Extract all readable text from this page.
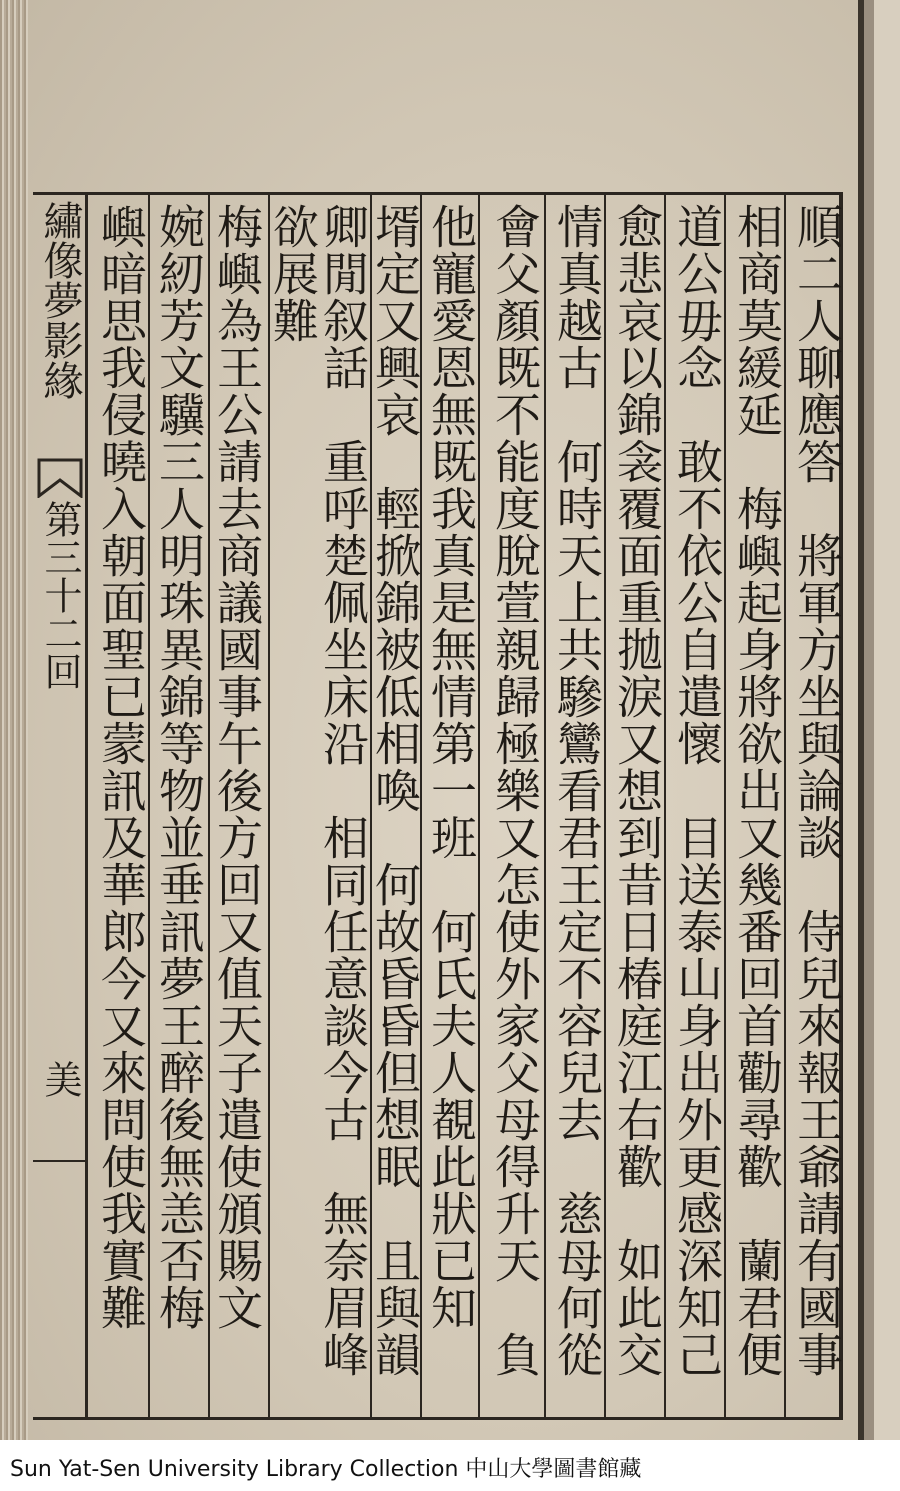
繡像夢影緣
第三十二回
美	順二人聊應答　將軍方坐與論談　侍兒來報王爺請有國事
相商莫緩延　梅嶼起身將欲出又幾番回首勸尋歡　蘭君便
道公毋念　敢不依公自遣懷　目送泰山身出外更感深知己
愈悲哀以錦衾覆面重拋淚又想到昔日椿庭江右歡　如此交
情真越古　何時天上共驂鸞看君王定不容兒去　慈母何從
會父顏既不能度脫萱親歸極樂又怎使外家父母得升天　負
他寵愛恩無既我真是無情第一班　何氏夫人覩此狀已知
壻定又興哀　輕掀錦被低相喚　何故昏昏但想眠　且與韻
卿閒叙話　重呼楚佩坐床沿　相同任意談今古　無奈眉峰
欲展難
梅嶼為王公請去商議國事午後方回又值天子遣使頒賜文
婉紉芳文驥三人明珠異錦等物並垂訊夢王醉後無恙否梅
嶼暗思我侵曉入朝面聖已蒙訊及華郎今又來問使我實難
Sun Yat-Sen University Library Collection 中山大學圖書館藏
